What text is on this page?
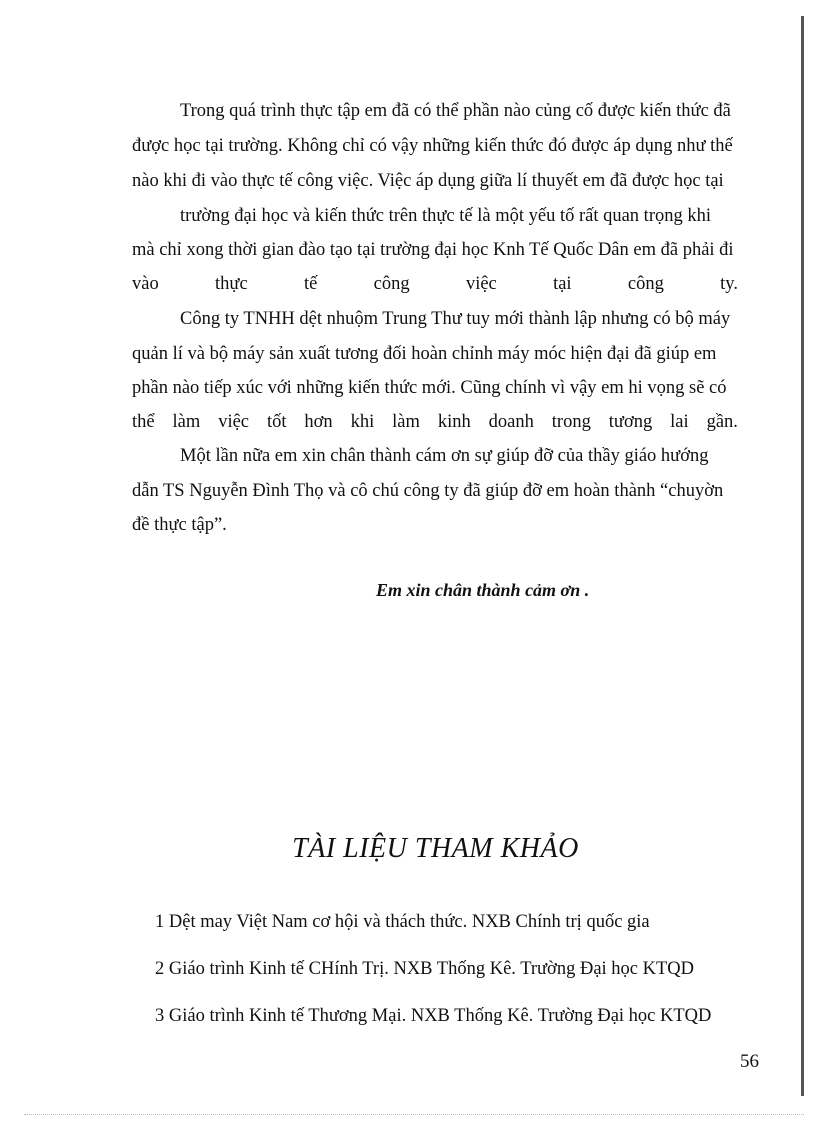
Trong quá trình thực tập em đã có thể phần nào củng cố được kiến thức đã
được học tại trường. Không chỉ có vậy những kiến thức đó được áp dụng như thế
nào khi đi vào thực tế công việc. Việc áp dụng giữa lí thuyết em đã được học tại
trường đại học và kiến thức trên thực tế là một yếu tố rất quan trọng khi
mà chỉ xong thời gian đào tạo tại trường đại học Knh Tế Quốc Dân em đã phải đi
vào	thực	tế	công	việc	tại	công	ty.
Công ty TNHH dệt nhuộm Trung Thư tuy mới thành lập nhưng có bộ máy
quản lí và bộ máy sản xuất tương đối hoàn chỉnh máy móc hiện đại đã giúp em
phần nào tiếp xúc với những kiến thức mới. Cũng chính vì vậy em hi vọng sẽ có
thể làm việc tốt hơn khi làm kinh doanh trong tương lai gần.
Một lần nữa em xin chân thành cám ơn sự giúp đỡ của thầy giáo hướng
dẫn TS Nguyễn Đình Thọ và cô chú công ty đã giúp đỡ em hoàn thành “chuyờn
đề thực tập”.
Em xin chân thành cảm ơn .
TÀI LIỆU THAM KHẢO
1 Dệt may Việt Nam cơ hội và thách thức. NXB Chính trị quốc gia
2 Giáo trình Kinh tế CHính Trị. NXB Thống Kê. Trường Đại học KTQD
3 Giáo trình Kinh tế Thương Mại. NXB Thống Kê. Trường Đại học KTQD
56
